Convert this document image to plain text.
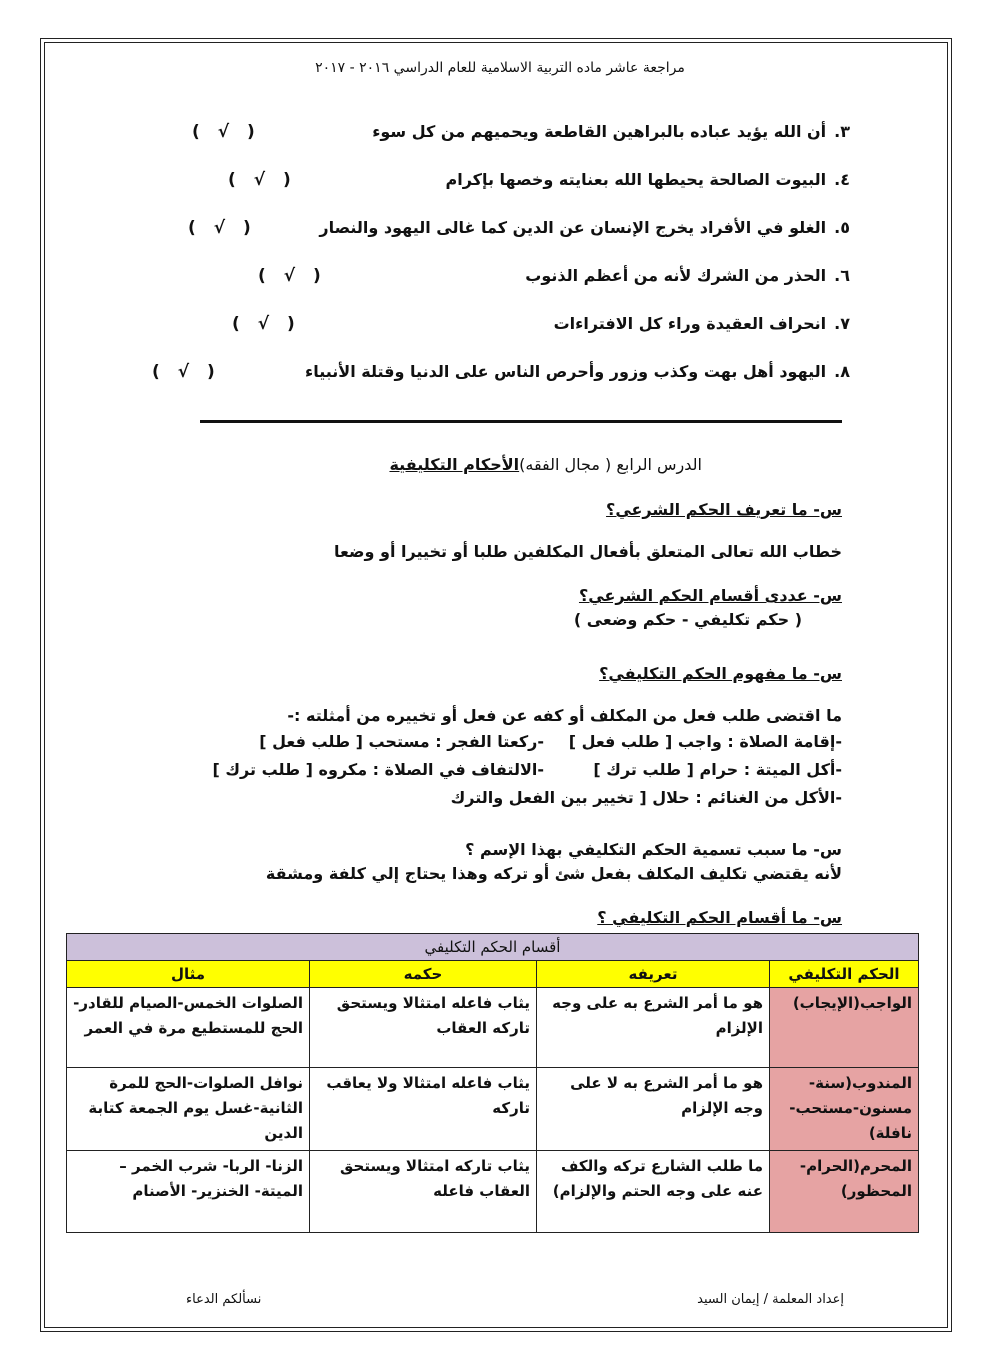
مراجعة عاشر ماده التربية الاسلامية للعام الدراسي ٢٠١٦ - ٢٠١٧
٣.أن الله يؤيد عباده بالبراهين القاطعة ويحميهم من كل سوء
( √ )
٤.البيوت الصالحة يحيطها الله بعنايته وخصها بإكرام
( √ )
٥.الغلو في الأفراد يخرج الإنسان عن الدين كما غالى اليهود والنصار
( √ )
٦.الحذر من الشرك لأنه من أعظم الذنوب
( √ )
٧.انحراف العقيدة وراء كل الافتراءات
( √ )
٨.اليهود أهل بهت وكذب وزور وأحرص الناس على الدنيا وقتلة الأنبياء
( √ )
الدرس الرابع ( مجال الفقه)الأحكام التكليفية
س- ما تعريف الحكم الشرعي؟
خطاب الله تعالى المتعلق بأفعال المكلفين طلبا أو تخييرا أو وضعا
س- عددى أقسام الحكم الشرعي؟
( حكم تكليفي - حكم وضعى )
س- ما مفهوم الحكم التكليفي؟
ما اقتضى طلب فعل من المكلف أو كفه عن فعل أو تخييره من أمثلته :-
-إقامة الصلاة : واجب [ طلب فعل ]
-ركعتا الفجر : مستحب [ طلب فعل ]
-أكل الميتة : حرام [ طلب ترك ]
-الالتفاف في الصلاة : مكروه [ طلب ترك ]
-الأكل من الغنائم : حلال [ تخيير بين الفعل والترك
س- ما سبب تسمية الحكم التكليفي بهذا الإسم ؟
لأنه يقتضي تكليف المكلف بفعل شئ أو تركه وهذا يحتاج إلي كلفة ومشقة
س- ما أقسام الحكم التكليفي ؟
أقسام الحكم التكليفي			
الحكم التكليفي	تعريفه	حكمه	مثال
الواجب(الإيجاب)	هو ما أمر الشرع به على وجه الإلزام	يثاب فاعله امتثالا ويستحق تاركه العقاب	الصلوات الخمس-الصيام للقادر- الحج للمستطيع مرة في العمر
المندوب(سنة-مسنون-مستحب-نافلة)	هو ما أمر الشرع به لا على وجه الإلزام	يثاب فاعله امتثالا ولا يعاقب تاركه	نوافل الصلوات-الحج للمرة الثانية-غسل يوم الجمعة كتابة الدين
المحرم(الحرام-المحظور)	ما طلب الشارع تركه والكف عنه على وجه الحتم والإلزام)	يثاب تاركه امتثالا ويستحق العقاب فاعله	الزنا- الربا- شرب الخمر – الميتة- الخنزير- الأصنام
إعداد المعلمة / إيمان السيد
نسألكم الدعاء
